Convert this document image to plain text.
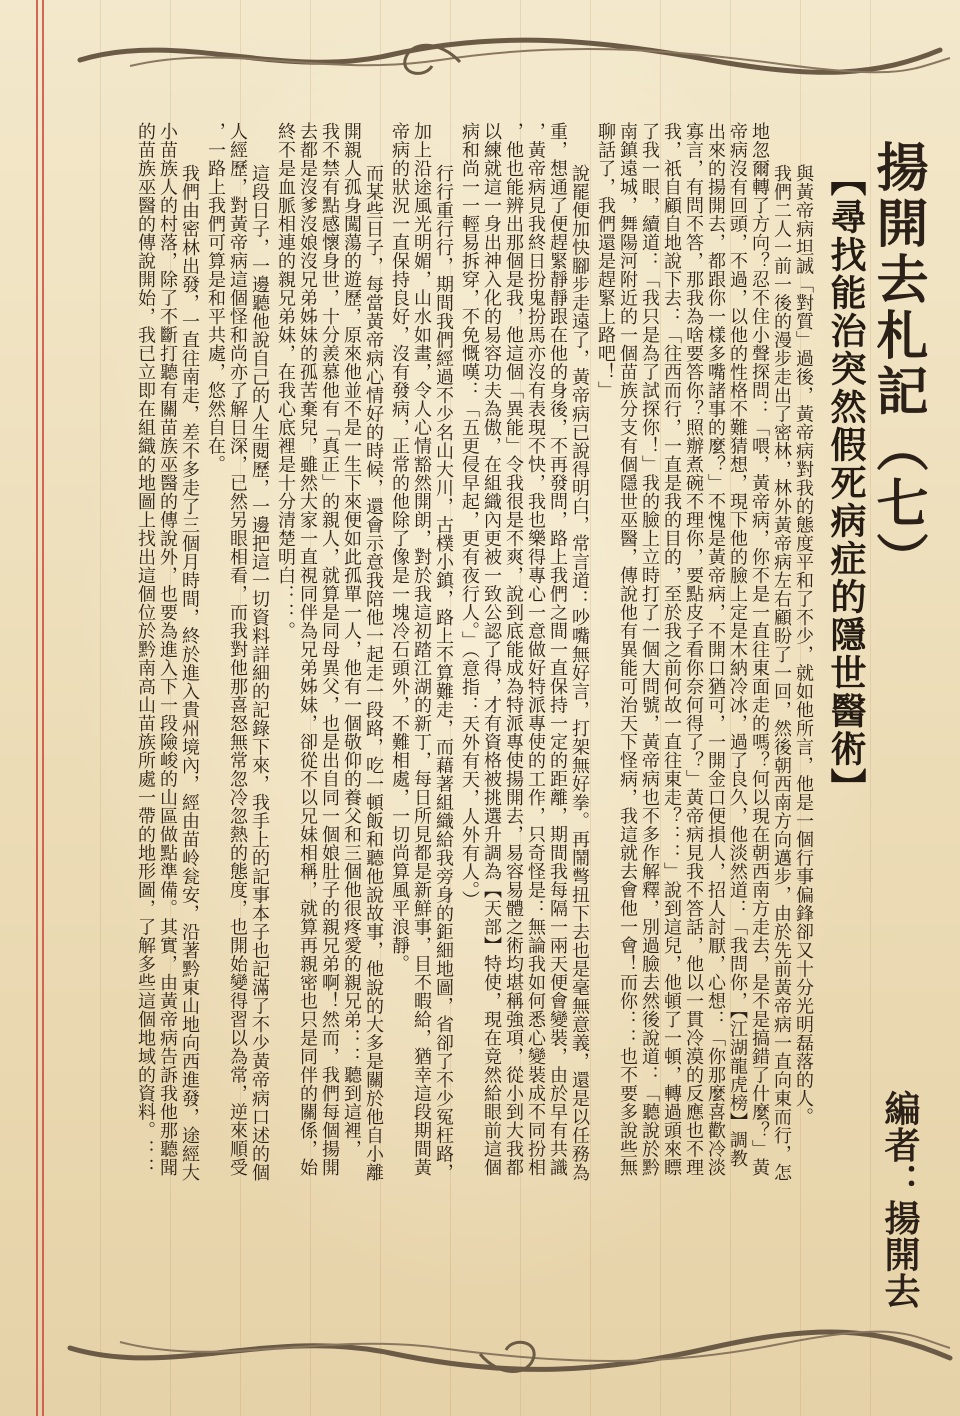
揚開去札記（七）
【尋找能治突然假死病症的隱世醫術】
編者：揚開去
與黃帝病坦誠「對質」過後，黃帝病對我的態度平和了不少，就如他所言，他是一個行事偏鋒卻又十分光明磊落的人。
我們二人一前一後的漫步走出了密林，林外黃帝病左右顧盼了一回，然後朝西南方向邁步，由於先前黃帝病一直向東而行，怎
地忽爾轉了方向？忍不住小聲探問：「喂，黃帝病，你不是一直往東面走的嗎？何以現在朝西南方走去，是不是搞錯了什麼？」黃
帝病沒有回頭，不過，以他的性格不難猜想，現下他的臉上定是木納冷冰，過了良久，他淡然道：「我問你，【江湖龍虎榜】調教
出來的揚開去，都跟你一樣多嘴諸事的麼？」不愧是黃帝病，不開口猶可，一開金口便損人，招人討厭，心想：「你那麼喜歡冷淡
寡言，有問不答，那我為啥要答你？照辦煮碗不理你，要點皮子看你奈何得了？」黃帝病見我不答話，他以一貫冷漠的反應也不理
我，祇自顧自地說下去：「往西而行，一直是我的目的，至於我之前何故一直往東走？：：」說到這兒，他頓了一頓，轉過頭來瞟
了我一眼，續道：「我只是為了試探你！」我的臉上立時打了一個大問號，黃帝病也不多作解釋，別過臉去然後說道：「聽說於黔
南鎮遠城，舞陽河附近的一個苗族分支有個隱世巫醫，傳說他有異能可治天下怪病，我這就去會他一會！而你：：也不要多說些無
聊話了，我們還是趕緊上路吧！」
說罷便加快腳步走遠了，黃帝病已說得明白，常言道：吵嘴無好言，打架無好拳。再鬧彆扭下去也是毫無意義，還是以任務為
重，想通了便趕緊靜靜跟在他的身後，不再發問，路上我們之間一直保持一定的距離，期間我每隔一兩天便會變裝，由於早有共識
，黃帝病見我終日扮鬼扮馬亦沒有表現不快，我也樂得專心一意做好特派專使的工作，只奇怪是：無論我如何悉心變裝成不同扮相
，他也能辨出那個是我，他這個「異能」令我很是不爽，說到底能成為特派專使揚開去，易容易體之術均堪稱強項，從小到大我都
以練就這一身出神入化的易容功夫為傲，在組織內更被一致公認了得，才有資格被挑選升調為【天部】特使，現在竟然給眼前這個
病和尚一一輕易拆穿，不免慨嘆：「五更侵早起，更有夜行人。」（意指：天外有天，人外有人。）
行行重行行，期間我們經過不少名山大川，古樸小鎮，路上不算難走，而藉著組織給我旁身的鉅細地圖，省卻了不少冤枉路，
加上沿途風光明媚，山水如畫，令人心情豁然開朗，對於我這初踏江湖的新丁，每日所見都是新鮮事，目不暇給，猶幸這段期間黃
帝病的狀況一直保持良好，沒有發病，正常的他除了像是一塊冷石頭外，不難相處，一切尚算風平浪靜。
而某些日子，每當黃帝病心情好的時候，還會示意我陪他一起走一段路，吃一頓飯和聽他說故事，他說的大多是關於他自小離
開親人孤身闖蕩的遊歷，原來他並不是一生下來便如此孤單一人，他有一個敬仰的養父和三個他很疼愛的親兄弟：：聽到這裡，
我不禁有點感懷身世，十分羨慕他有「真正」的親人，就算是同母異父，也是出自同一個娘肚子的親兄弟啊！然而，我們每個揚開
去都是沒爹沒娘沒兄弟姊妹的孤苦棄兒，雖然大家一直視同伴為兄弟姊妹，卻從不以兄妹相稱，就算再親密也只是同伴的關係，始
終不是血脈相連的親兄弟妹，在我心底裡是十分清楚明白：：。
這段日子，一邊聽他說自己的人生閱歷，一邊把這一切資料詳細的記錄下來，我手上的記事本子也記滿了不少黃帝病口述的個
人經歷，對黃帝病這個怪和尚亦了解日深，已然另眼相看，而我對他那喜怒無常忽冷忽熱的態度，也開始變得習以為常，逆來順受
，一路上我們可算是和平共處，悠然自在。
我們由密林出發，一直往南走，差不多走了三個月時間，終於進入貴州境內，經由苗岭瓮安，沿著黔東山地向西進發，途經大
小苗族人的村落，除了不斷打聽有關苗族巫醫的傳說外，也要為進入下一段險峻的山區做點準備。其實，由黃帝病告訴我他那聽聞
的苗族巫醫的傳說開始，我已立即在組織的地圖上找出這個位於黔南高山苗族所處一帶的地形圖，了解多些這個地域的資料。：：
